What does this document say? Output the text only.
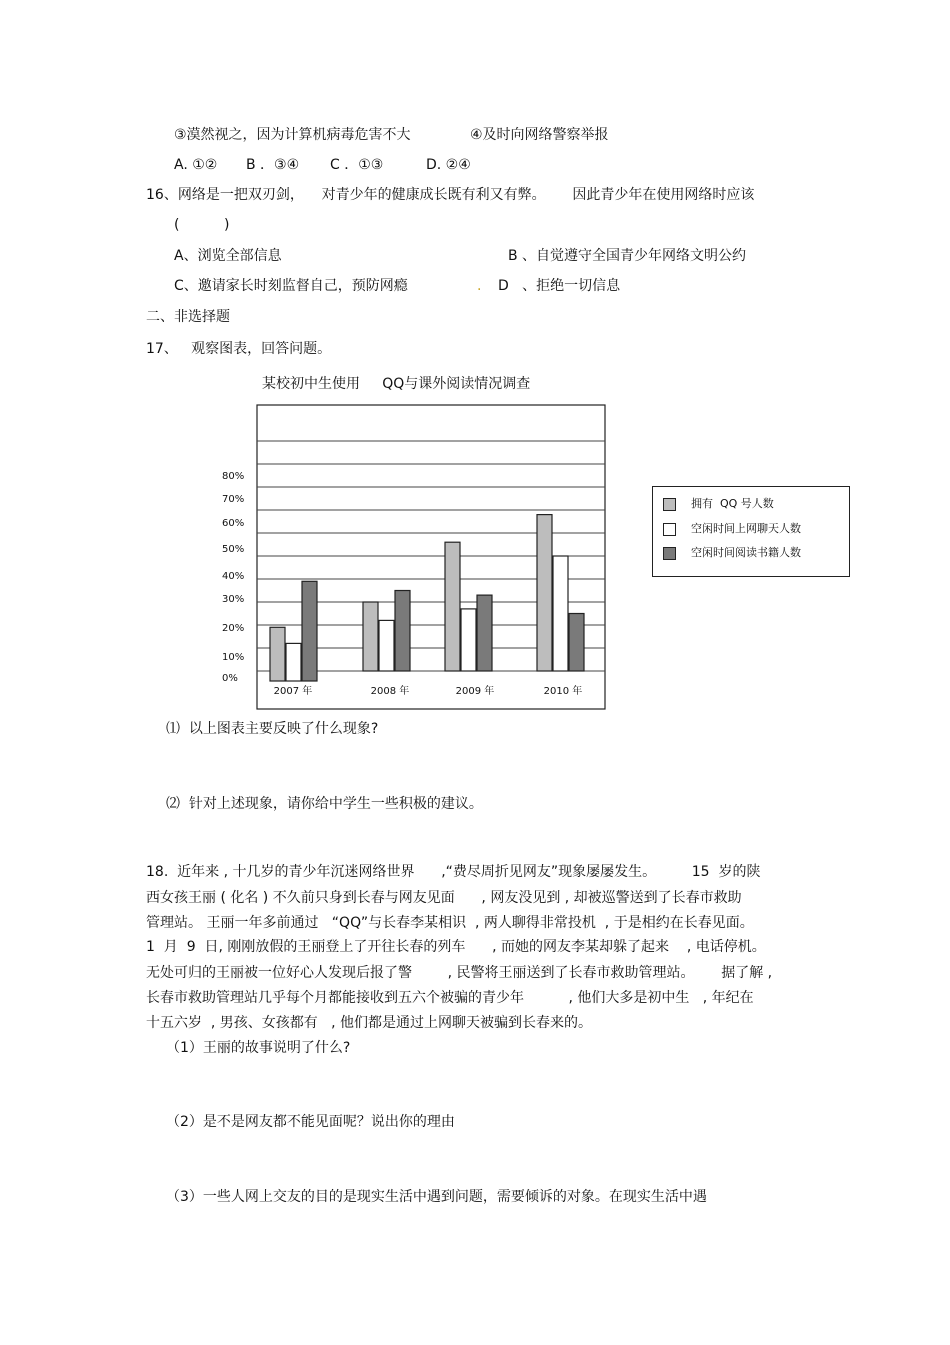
③漠然视之，因为计算机病毒危害不大	④及时向网络警察举报
A. ①② B ．③④ C ．①③	D. ②④
16、网络是一把双刃剑，    对青少年的健康成长既有利又有弊。      因此青少年在使用网络时应该
(          )
A、浏览全部信息	B 、自觉遵守全国青少年网络文明公约
C、邀请家长时刻监督自己，预防网瘾	. D   、拒绝一切信息
二、非选择题
17、   观察图表，回答问题。
某校初中生使用     QQ与课外阅读情况调查
0%
10%
20%
30%
40%
50%
60%
70%
80%
2007 年	2008 年	2009 年	2010 年
拥有  QQ 号人数
空闲时间上网聊天人数
空闲时间阅读书籍人数
⑴  以上图表主要反映了什么现象?
⑵  针对上述现象，请你给中学生一些积极的建议。
18.  近年来 , 十几岁的青少年沉迷网络世界      ,“费尽周折见网友”现象屡屡发生。        15  岁的陕
西女孩王丽 ( 化名 ) 不久前只身到长春与网友见面      , 网友没见到 , 却被巡警送到了长春市救助
管理站。 王丽一年多前通过   “QQ”与长春李某相识  , 两人聊得非常投机  , 于是相约在长春见面。
1  月  9  日, 刚刚放假的王丽登上了开往长春的列车      , 而她的网友李某却躲了起来    , 电话停机。
无处可归的王丽被一位好心人发现后报了警        , 民警将王丽送到了长春市救助管理站。      据了解 ,
长春市救助管理站几乎每个月都能接收到五六个被骗的青少年          , 他们大多是初中生   , 年纪在
十五六岁  , 男孩、女孩都有   , 他们都是通过上网聊天被骗到长春来的。
（1）王丽的故事说明了什么?
（2）是不是网友都不能见面呢？说出你的理由
（3）一些人网上交友的目的是现实生活中遇到问题，需要倾诉的对象。在现实生活中遇
